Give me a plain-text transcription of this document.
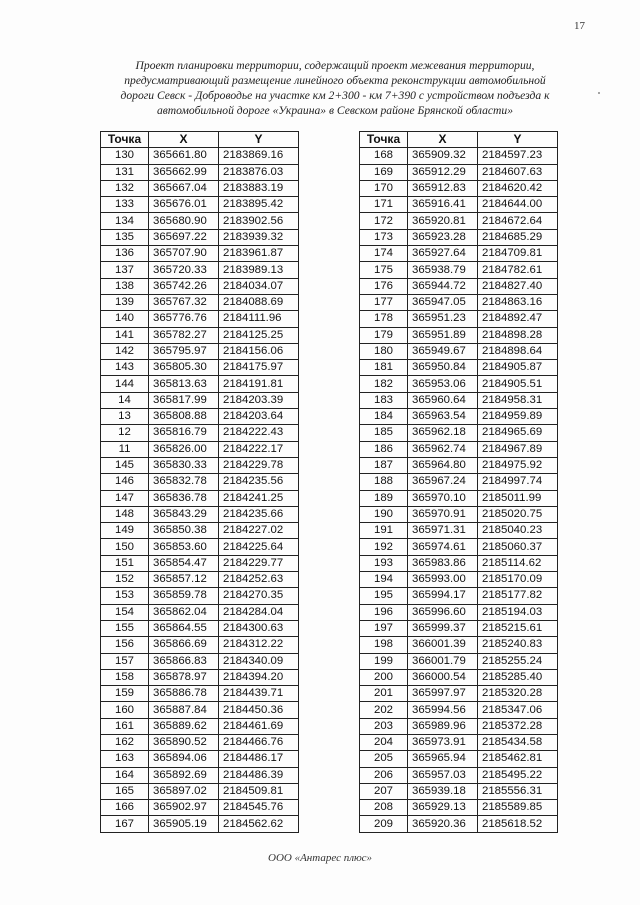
17
Проект планировки территории, содержащий проект межевания территории,
предусматривающий размещение линейного объекта реконструкции автомобильной
дороги Севск - Доброводье на участке км 2+300 - км 7+390 с устройством подъезда к
автомобильной дороге «Украина» в Севском районе Брянской области»
Точка	X	Y
130	365661.80	2183869.16
131	365662.99	2183876.03
132	365667.04	2183883.19
133	365676.01	2183895.42
134	365680.90	2183902.56
135	365697.22	2183939.32
136	365707.90	2183961.87
137	365720.33	2183989.13
138	365742.26	2184034.07
139	365767.32	2184088.69
140	365776.76	2184111.96
141	365782.27	2184125.25
142	365795.97	2184156.06
143	365805.30	2184175.97
144	365813.63	2184191.81
14	365817.99	2184203.39
13	365808.88	2184203.64
12	365816.79	2184222.43
11	365826.00	2184222.17
145	365830.33	2184229.78
146	365832.78	2184235.56
147	365836.78	2184241.25
148	365843.29	2184235.66
149	365850.38	2184227.02
150	365853.60	2184225.64
151	365854.47	2184229.77
152	365857.12	2184252.63
153	365859.78	2184270.35
154	365862.04	2184284.04
155	365864.55	2184300.63
156	365866.69	2184312.22
157	365866.83	2184340.09
158	365878.97	2184394.20
159	365886.78	2184439.71
160	365887.84	2184450.36
161	365889.62	2184461.69
162	365890.52	2184466.76
163	365894.06	2184486.17
164	365892.69	2184486.39
165	365897.02	2184509.81
166	365902.97	2184545.76
167	365905.19	2184562.62
Точка	X	Y
168	365909.32	2184597.23
169	365912.29	2184607.63
170	365912.83	2184620.42
171	365916.41	2184644.00
172	365920.81	2184672.64
173	365923.28	2184685.29
174	365927.64	2184709.81
175	365938.79	2184782.61
176	365944.72	2184827.40
177	365947.05	2184863.16
178	365951.23	2184892.47
179	365951.89	2184898.28
180	365949.67	2184898.64
181	365950.84	2184905.87
182	365953.06	2184905.51
183	365960.64	2184958.31
184	365963.54	2184959.89
185	365962.18	2184965.69
186	365962.74	2184967.89
187	365964.80	2184975.92
188	365967.24	2184997.74
189	365970.10	2185011.99
190	365970.91	2185020.75
191	365971.31	2185040.23
192	365974.61	2185060.37
193	365983.86	2185114.62
194	365993.00	2185170.09
195	365994.17	2185177.82
196	365996.60	2185194.03
197	365999.37	2185215.61
198	366001.39	2185240.83
199	366001.79	2185255.24
200	366000.54	2185285.40
201	365997.97	2185320.28
202	365994.56	2185347.06
203	365989.96	2185372.28
204	365973.91	2185434.58
205	365965.94	2185462.81
206	365957.03	2185495.22
207	365939.18	2185556.31
208	365929.13	2185589.85
209	365920.36	2185618.52
ООО «Антарес плюс»
